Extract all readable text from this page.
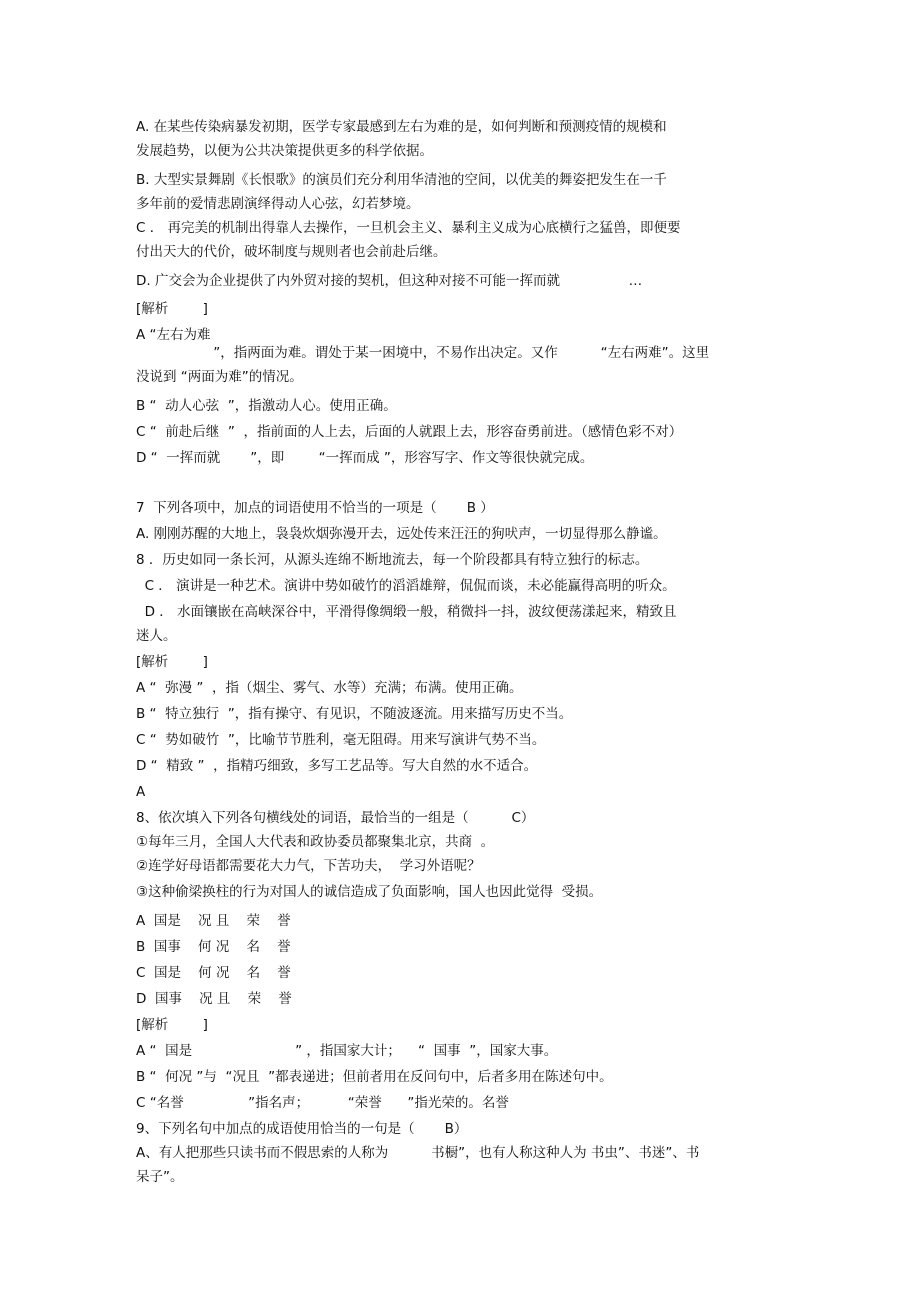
A. 在某些传染病暴发初期，医学专家最感到左右为难的是，如何判断和预测疫情的规模和
发展趋势，以便为公共决策提供更多的科学依据。
B. 大型实景舞剧《长恨歌》的演员们充分利用华清池的空间，以优美的舞姿把发生在一千
多年前的爱情悲剧演绎得动人心弦，幻若梦境。
C ． 再完美的机制出得靠人去操作，一旦机会主义、暴利主义成为心底横行之猛兽，即便要
付出天大的代价，破坏制度与规则者也会前赴后继。
D. 广交会为企业提供了内外贸对接的契机，但这种对接不可能一挥而就                …
[解析        ]
A “左右为难
”，指两面为难。谓处于某一困境中，不易作出决定。又作          “左右两难”。这里
没说到 “两面为难”的情况。
B “  动人心弦  ”，指激动人心。使用正确。
C “  前赴后继  ”  ，指前面的人上去，后面的人就跟上去，形容奋勇前进。（感情色彩不对）
D “  一挥而就       ”，即        “一挥而成 ”，形容写字、作文等很快就完成。
7  下列各项中，加点的词语使用不恰当的一项是（       B ）
A. 刚刚苏醒的大地上，袅袅炊烟弥漫开去，远处传来汪汪的狗吠声，一切显得那么静谧。
8 ．历史如同一条长河，从源头连绵不断地流去，每一个阶段都具有特立独行的标志。
C ． 演讲是一种艺术。演讲中势如破竹的滔滔雄辩，侃侃而谈，未必能赢得高明的听众。
D ． 水面镶嵌在高峡深谷中，平滑得像绸缎一般，稍微抖一抖，波纹便荡漾起来，精致且
迷人。
[解析        ]
A “  弥漫 ”  ，指（烟尘、雾气、水等）充满；布满。使用正确。
B “  特立独行  ”，指有操守、有见识，不随波逐流。用来描写历史不当。
C “  势如破竹  ”，比喻节节胜利，毫无阻碍。用来写演讲气势不当。
D “  精致 ”  ，指精巧细致，多写工艺品等。写大自然的水不适合。
A
8、依次填入下列各句横线处的词语，最恰当的一组是（          C）
①每年三月，全国人大代表和政协委员都聚集北京，共商  。
②连学好母语都需要花大力气，下苦功夫，  学习外语呢？
③这种偷梁换柱的行为对国人的诚信造成了负面影响，国人也因此觉得  受损。
A  国是    况 且    荣    誉
B  国事    何 况    名    誉
C  国是    何 况    名    誉
D  国事    况 且    荣    誉
[解析        ]
A “  国是                        ” ，指国家大计；    “  国事  ”，国家大事。
B “  何况 ”与  “况且  ”都表递进；但前者用在反问句中，后者多用在陈述句中。
C “名誉               ”指名声；         “荣誉      ”指光荣的。名誉
9、下列名句中加点的成语使用恰当的一句是（       B）
A、有人把那些只读书而不假思索的人称为          书橱”，也有人称这种人为 书虫”、书迷”、书
呆子”。
